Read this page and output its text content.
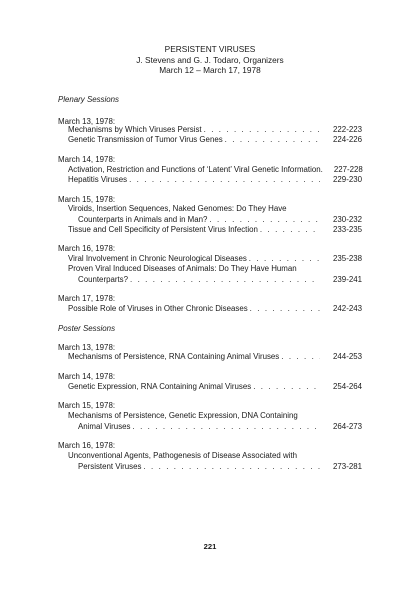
PERSISTENT VIRUSES
J. Stevens and G. J. Todaro, Organizers
March 12 – March 17, 1978
Plenary Sessions
March 13, 1978:
Mechanisms by Which Viruses Persist . . .	222-223
Genetic Transmission of Tumor Virus Genes . . .	224-226
March 14, 1978:
Activation, Restriction and Functions of ‘Latent’ Viral Genetic Information.	227-228
Hepatitis Viruses . . .	229-230
March 15, 1978:
Viroids, Insertion Sequences, Naked Genomes: Do They Have
Counterparts in Animals and in Man? . . .	230-232
Tissue and Cell Specificity of Persistent Virus Infection . . .	233-235
March 16, 1978:
Viral Involvement in Chronic Neurological Diseases . . .	235-238
Proven Viral Induced Diseases of Animals: Do They Have Human
Counterparts? . . .	239-241
March 17, 1978:
Possible Role of Viruses in Other Chronic Diseases . . .	242-243
Poster Sessions
March 13, 1978:
Mechanisms of Persistence, RNA Containing Animal Viruses . . .	244-253
March 14, 1978:
Genetic Expression, RNA Containing Animal Viruses . . .	254-264
March 15, 1978:
Mechanisms of Persistence, Genetic Expression, DNA Containing
Animal Viruses . . .	264-273
March 16, 1978:
Unconventional Agents, Pathogenesis of Disease Associated with
Persistent Viruses . . .	273-281
221
